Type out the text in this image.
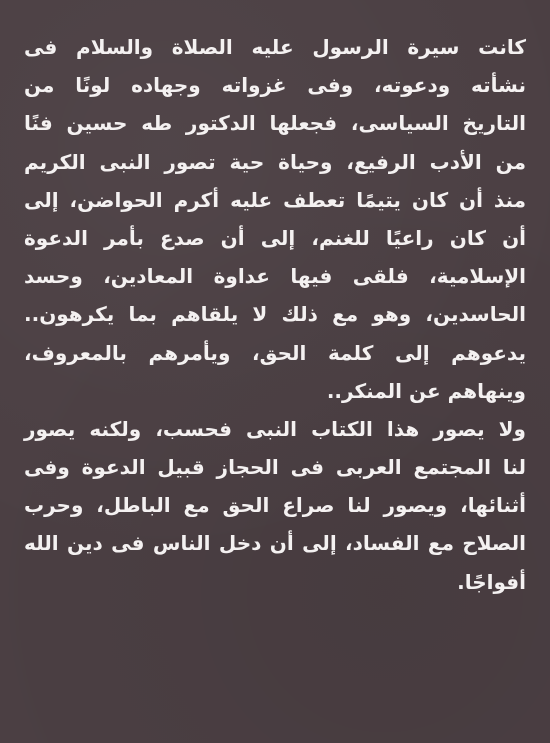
كانت سيرة الرسول عليه الصلاة والسلام فى
نشأته ودعوته، وفى غزواته وجهاده لونًا من
التاريخ السياسى، فجعلها الدكتور طه حسين فنًا
من الأدب الرفيع، وحياة حية تصور النبى الكريم
منذ أن كان يتيمًا تعطف عليه أكرم الحواضن، إلى
أن كان راعيًا للغنم، إلى أن صدع بأمر الدعوة
الإسلامية، فلقى فيها عداوة المعادين، وحسد
الحاسدين، وهو مع ذلك لا يلقاهم بما يكرهون..
يدعوهم إلى كلمة الحق، ويأمرهم بالمعروف،
وينهاهم عن المنكر..
ولا يصور هذا الكتاب النبى فحسب، ولكنه يصور
لنا المجتمع العربى فى الحجاز قبيل الدعوة وفى
أثنائها، ويصور لنا صراع الحق مع الباطل، وحرب
الصلاح مع الفساد، إلى أن دخل الناس فى دين الله
أفواجًا.
